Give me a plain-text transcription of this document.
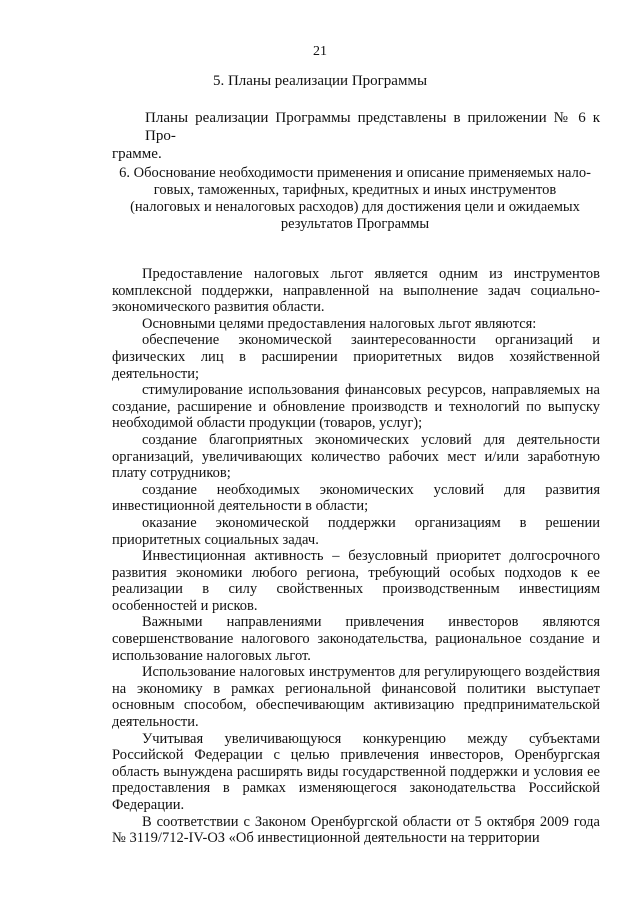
21
5. Планы реализации Программы
Планы реализации Программы представлены в приложении № 6 к Про-
грамме.
6. Обоснование необходимости применения и описание применяемых нало- говых, таможенных, тарифных, кредитных и иных инструментов (налоговых и неналоговых расходов) для достижения цели и ожидаемых результатов Программы

Предоставление налоговых льгот является одним из инструментов комплексной поддержки, направленной на выполнение задач социально-экономического развития области.

Основными целями предоставления налоговых льгот являются:

обеспечение экономической заинтересованности организаций и физических лиц в расширении приоритетных видов хозяйственной деятельности;

стимулирование использования финансовых ресурсов, направляемых на создание, расширение и обновление производств и технологий по выпуску необходимой области продукции (товаров, услуг);

создание благоприятных экономических условий для деятельности организаций, увеличивающих количество рабочих мест и/или заработную плату сотрудников;

создание необходимых экономических условий для развития инвестиционной деятельности в области;

оказание экономической поддержки организациям в решении приоритетных социальных задач.

Инвестиционная активность – безусловный приоритет долгосрочного развития экономики любого региона, требующий особых подходов к ее реализации в силу свойственных производственным инвестициям особенностей и рисков.

Важными направлениями привлечения инвесторов являются совершенствование налогового законодательства, рациональное создание и использование налоговых льгот.

Использование налоговых инструментов для регулирующего воздействия на экономику в рамках региональной финансовой политики выступает основным способом, обеспечивающим активизацию предпринимательской деятельности.

Учитывая увеличивающуюся конкуренцию между субъектами Российской Федерации с целью привлечения инвесторов, Оренбургская область вынуждена расширять виды государственной поддержки и условия ее предоставления в рамках изменяющегося законодательства Российской Федерации.

В соответствии с Законом Оренбургской области от 5 октября 2009 года № 3119/712-IV-ОЗ «Об инвестиционной деятельности на территории
